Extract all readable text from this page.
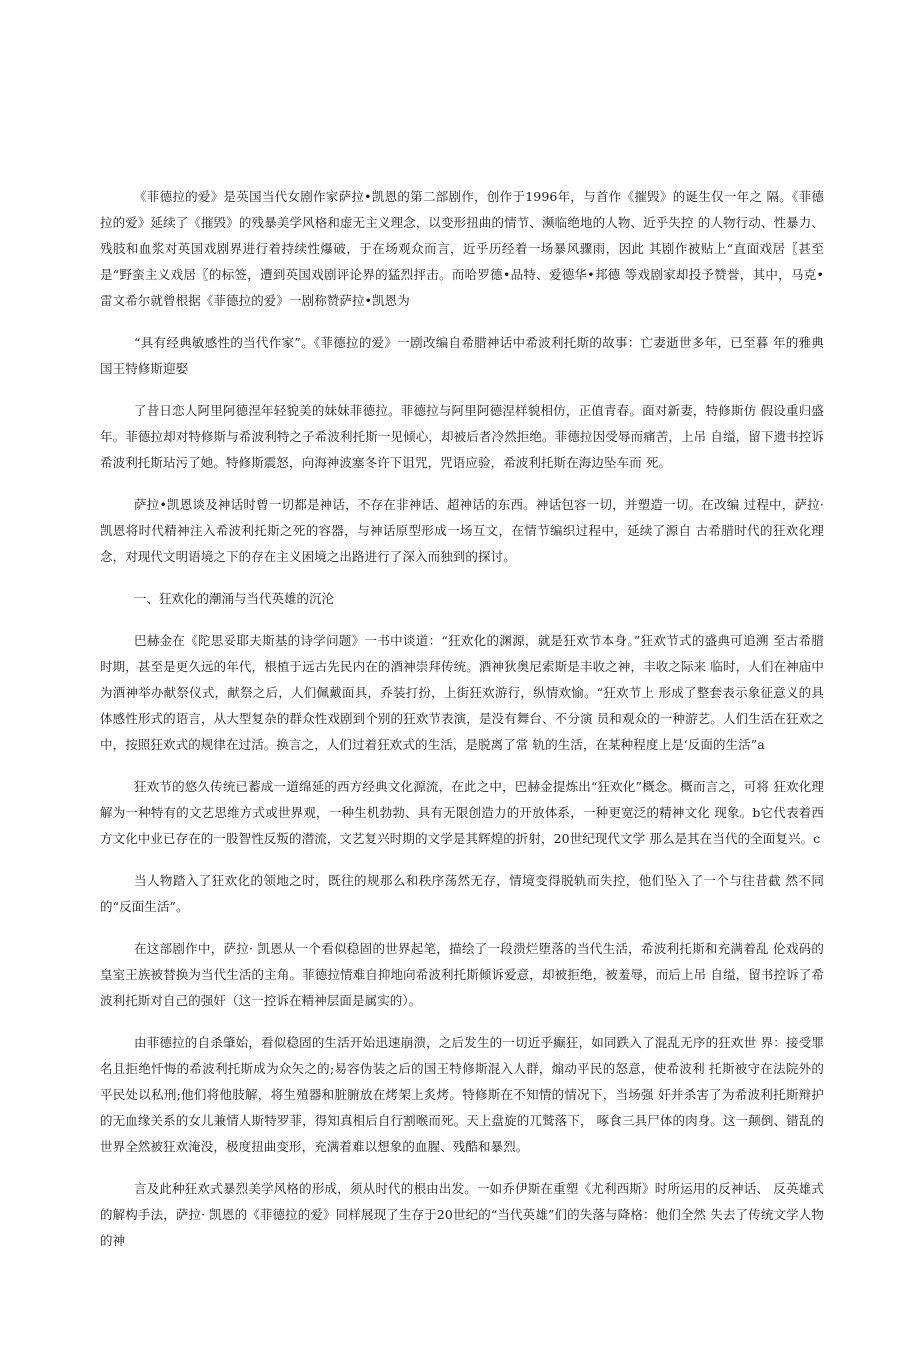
《菲德拉的爱》是英国当代女剧作家萨拉•凯恩的第二部剧作，创作于1996年，与首作《摧毁》的诞生仅一年之 隔。《菲德拉的爱》延续了《摧毁》的残暴美学风格和虚无主义理念，以变形扭曲的情节、濒临绝地的人物、近乎失控 的人物行动、性暴力、残肢和血浆对英国戏剧界进行着持续性爆破，于在场观众而言，近乎历经着一场暴风骤雨，因此 其剧作被贴上“直面戏居〖甚至是“野蛮主义戏居〖的标签，遭到英国戏剧评论界的猛烈抨击。而哈罗德•品特、爱德华•邦德 等戏剧家却投予赞誉，其中，马克•雷文希尔就曾根据《菲德拉的爱》一剧称赞萨拉•凯恩为

“具有经典敏感性的当代作家”。《菲德拉的爱》一剧改编自希腊神话中希波利托斯的故事：亡妻逝世多年，已至暮 年的雅典国王特修斯迎娶

了昔日恋人阿里阿德涅年轻貌美的妹妹菲德拉。菲德拉与阿里阿德涅样貌相仿，正值青春。面对新妻，特修斯仿 假设重归盛年。菲德拉却对特修斯与希波利特之子希波利托斯一见倾心，却被后者冷然拒绝。菲德拉因受辱而痛苦，上吊 自缢，留下遗书控诉希波利托斯玷污了她。特修斯震怒，向海神波塞冬许下诅咒，咒语应验，希波利托斯在海边坠车而 死。

萨拉•凯恩谈及神话时曾一切都是神话，不存在非神话、超神话的东西。神话包容一切，并塑造一切。在改编 过程中，萨拉· 凯恩将时代精神注入希波利托斯之死的容器，与神话原型形成一场互文，在情节编织过程中，延续了源自 古希腊时代的狂欢化理念，对现代文明语境之下的存在主义困境之出路进行了深入而独到的探讨。

一、狂欢化的潮涌与当代英雄的沉沦

巴赫金在《陀思妥耶夫斯基的诗学问题》一书中谈道：“狂欢化的渊源，就是狂欢节本身。”狂欢节式的盛典可追溯 至古希腊时期，甚至是更久远的年代，根植于远古先民内在的酒神崇拜传统。酒神狄奥尼索斯是丰收之神，丰收之际来 临时，人们在神庙中为酒神举办献祭仪式，献祭之后，人们佩戴面具，乔装打扮，上街狂欢游行，纵情欢愉。“狂欢节上 形成了整套表示象征意义的具体感性形式的语言，从大型复杂的群众性戏剧到个别的狂欢节表演，是没有舞台、不分演 员和观众的一种游艺。人们生活在狂欢之中，按照狂欢式的规律在过活。换言之，人们过着狂欢式的生活，是脱离了常 轨的生活，在某种程度上是‘反面的生活”a

狂欢节的悠久传统已蓄成一道绵延的西方经典文化源流，在此之中，巴赫金提炼出“狂欢化”概念。概而言之，可将 狂欢化理解为一种特有的文艺思维方式或世界观，一种生机勃勃、具有无限创造力的开放体系，一种更宽泛的精神文化 现象。b它代表着西方文化中业已存在的一股智性反叛的潜流，文艺复兴时期的文学是其辉煌的折射，20世纪现代文学 那么是其在当代的全面复兴。c

当人物踏入了狂欢化的领地之时，既往的规那么和秩序荡然无存，情境变得脱轨而失控，他们坠入了一个与往昔截 然不同的“反面生活”。

在这部剧作中，萨拉· 凯恩从一个看似稳固的世界起笔，描绘了一段溃烂堕落的当代生活，希波利托斯和充满着乱 伦戏码的皇室王族被替换为当代生活的主角。菲德拉情难自抑地向希波利托斯倾诉爱意，却被拒绝，被羞辱，而后上吊 自缢，留书控诉了希波利托斯对自己的强奸（这一控诉在精神层面是属实的）。

由菲德拉的自杀肇始，看似稳固的生活开始迅速崩溃，之后发生的一切近乎癫狂，如同跌入了混乱无序的狂欢世 界：接受罪名且拒绝忏悔的希波利托斯成为众矢之的;易容伪装之后的国王特修斯混入人群，煽动平民的怒意，使希波利 托斯被守在法院外的平民处以私刑;他们将他肢解，将生殖器和脏腑放在烤架上炙烤。特修斯在不知情的情况下，当场强 奸并杀害了为希波利托斯辩护的无血缘关系的女儿兼情人斯特罗菲，得知真相后自行割喉而死。天上盘旋的兀鹫落下， 啄食三具尸体的肉身。这一颠倒、错乱的世界全然被狂欢淹没，极度扭曲变形，充满着难以想象的血腥、残酷和暴烈。

言及此种狂欢式暴烈美学风格的形成，须从时代的根由出发。一如乔伊斯在重塑《尤利西斯》时所运用的反神话、 反英雄式的解构手法，萨拉· 凯恩的《菲德拉的爱》同样展现了生存于20世纪的“当代英雄”们的失落与降格：他们全然 失去了传统文学人物的神
